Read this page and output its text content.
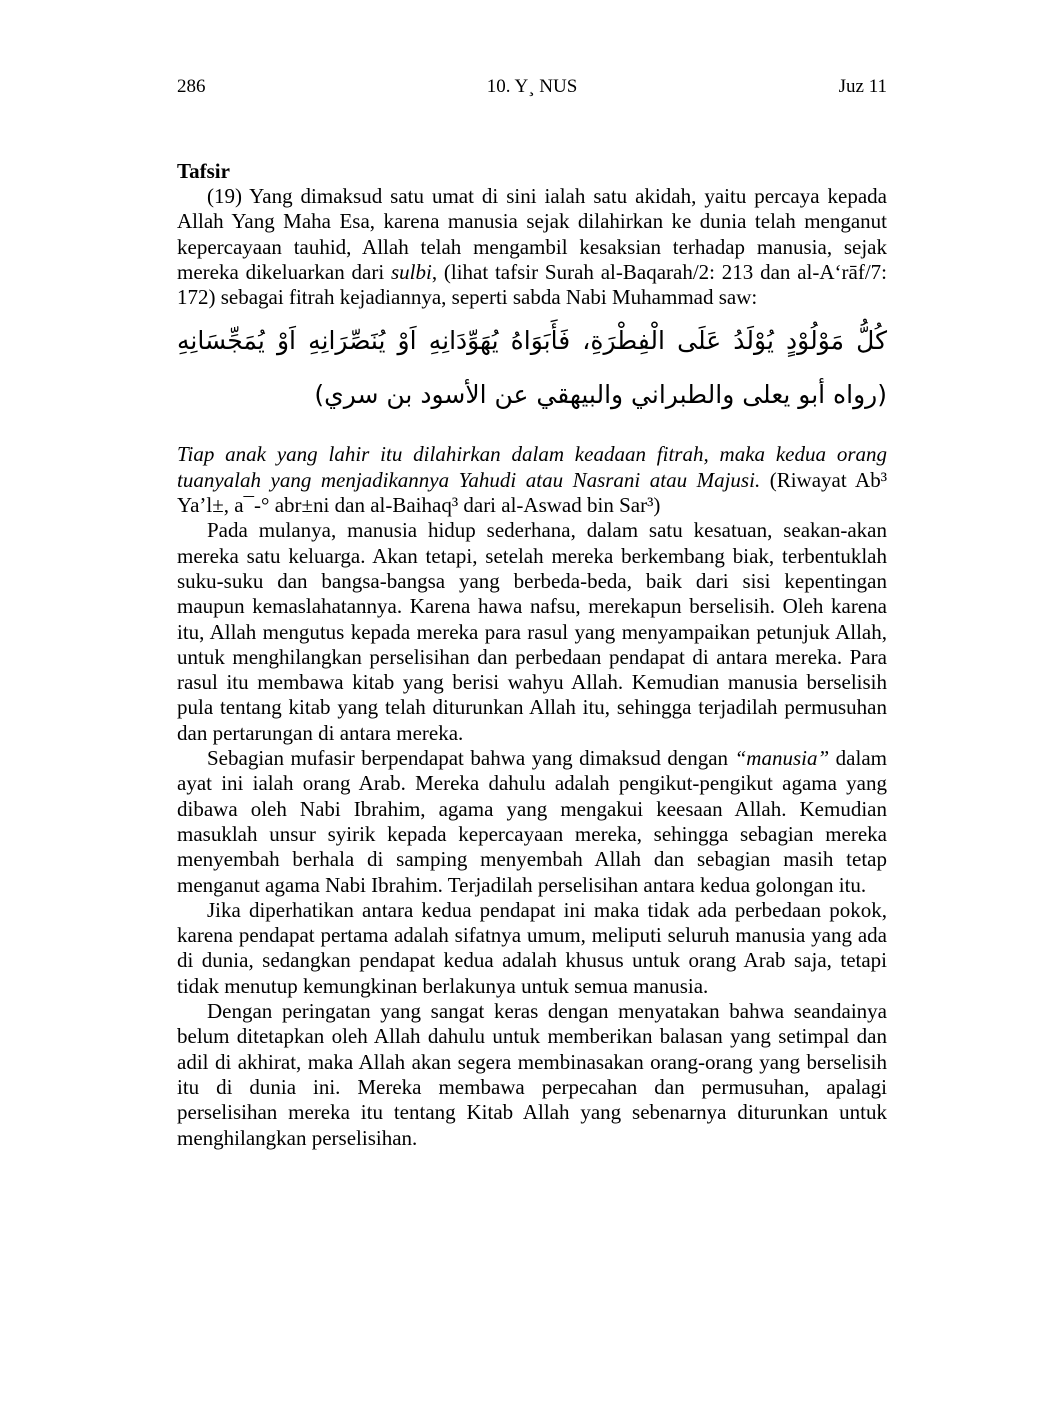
286	10. Y¸ NUS	Juz 11
Tafsir

(19) Yang dimaksud satu umat di sini ialah satu akidah, yaitu percaya kepada Allah Yang Maha Esa, karena manusia sejak dilahirkan ke dunia telah menganut kepercayaan tauhid, Allah telah mengambil kesaksian terhadap manusia, sejak mereka dikeluarkan dari sulbi, (lihat tafsir Surah al-Baqarah/2: 213 dan al-A‘rāf/7: 172) sebagai fitrah kejadiannya, seperti sabda Nabi Muhammad saw:

كُلُّ مَوْلُوْدٍ يُوْلَدُ عَلَى الْفِطْرَةِ، فَأَبَوَاهُ يُهَوِّدَانِهِ اَوْ يُنَصِّرَانِهِ اَوْ يُمَجِّسَانِهِ (رواه أبو يعلى والطبراني والبيهقي عن الأسود بن سري)

Tiap anak yang lahir itu dilahirkan dalam keadaan fitrah, maka kedua orang tuanyalah yang menjadikannya Yahudi atau Nasrani atau Majusi. (Riwayat Ab³ Ya’l±, a¯-° abr±ni dan al-Baihaq³ dari al-Aswad bin Sar³)

Pada mulanya, manusia hidup sederhana, dalam satu kesatuan, seakan-akan mereka satu keluarga. Akan tetapi, setelah mereka berkembang biak, terbentuklah suku-suku dan bangsa-bangsa yang berbeda-beda, baik dari sisi kepentingan maupun kemaslahatannya. Karena hawa nafsu, merekapun berselisih. Oleh karena itu, Allah mengutus kepada mereka para rasul yang menyampaikan petunjuk Allah, untuk menghilangkan perselisihan dan perbedaan pendapat di antara mereka. Para rasul itu membawa kitab yang berisi wahyu Allah. Kemudian manusia berselisih pula tentang kitab yang telah diturunkan Allah itu, sehingga terjadilah permusuhan dan pertarungan di antara mereka.

Sebagian mufasir berpendapat bahwa yang dimaksud dengan “manusia” dalam ayat ini ialah orang Arab. Mereka dahulu adalah pengikut-pengikut agama yang dibawa oleh Nabi Ibrahim, agama yang mengakui keesaan Allah. Kemudian masuklah unsur syirik kepada kepercayaan mereka, sehingga sebagian mereka menyembah berhala di samping menyembah Allah dan sebagian masih tetap menganut agama Nabi Ibrahim. Terjadilah perselisihan antara kedua golongan itu.

Jika diperhatikan antara kedua pendapat ini maka tidak ada perbedaan pokok, karena pendapat pertama adalah sifatnya umum, meliputi seluruh manusia yang ada di dunia, sedangkan pendapat kedua adalah khusus untuk orang Arab saja, tetapi tidak menutup kemungkinan berlakunya untuk semua manusia.

Dengan peringatan yang sangat keras dengan menyatakan bahwa seandainya belum ditetapkan oleh Allah dahulu untuk memberikan balasan yang setimpal dan adil di akhirat, maka Allah akan segera membinasakan orang-orang yang berselisih itu di dunia ini. Mereka membawa perpecahan dan permusuhan, apalagi perselisihan mereka itu tentang Kitab Allah yang sebenarnya diturunkan untuk menghilangkan perselisihan.
